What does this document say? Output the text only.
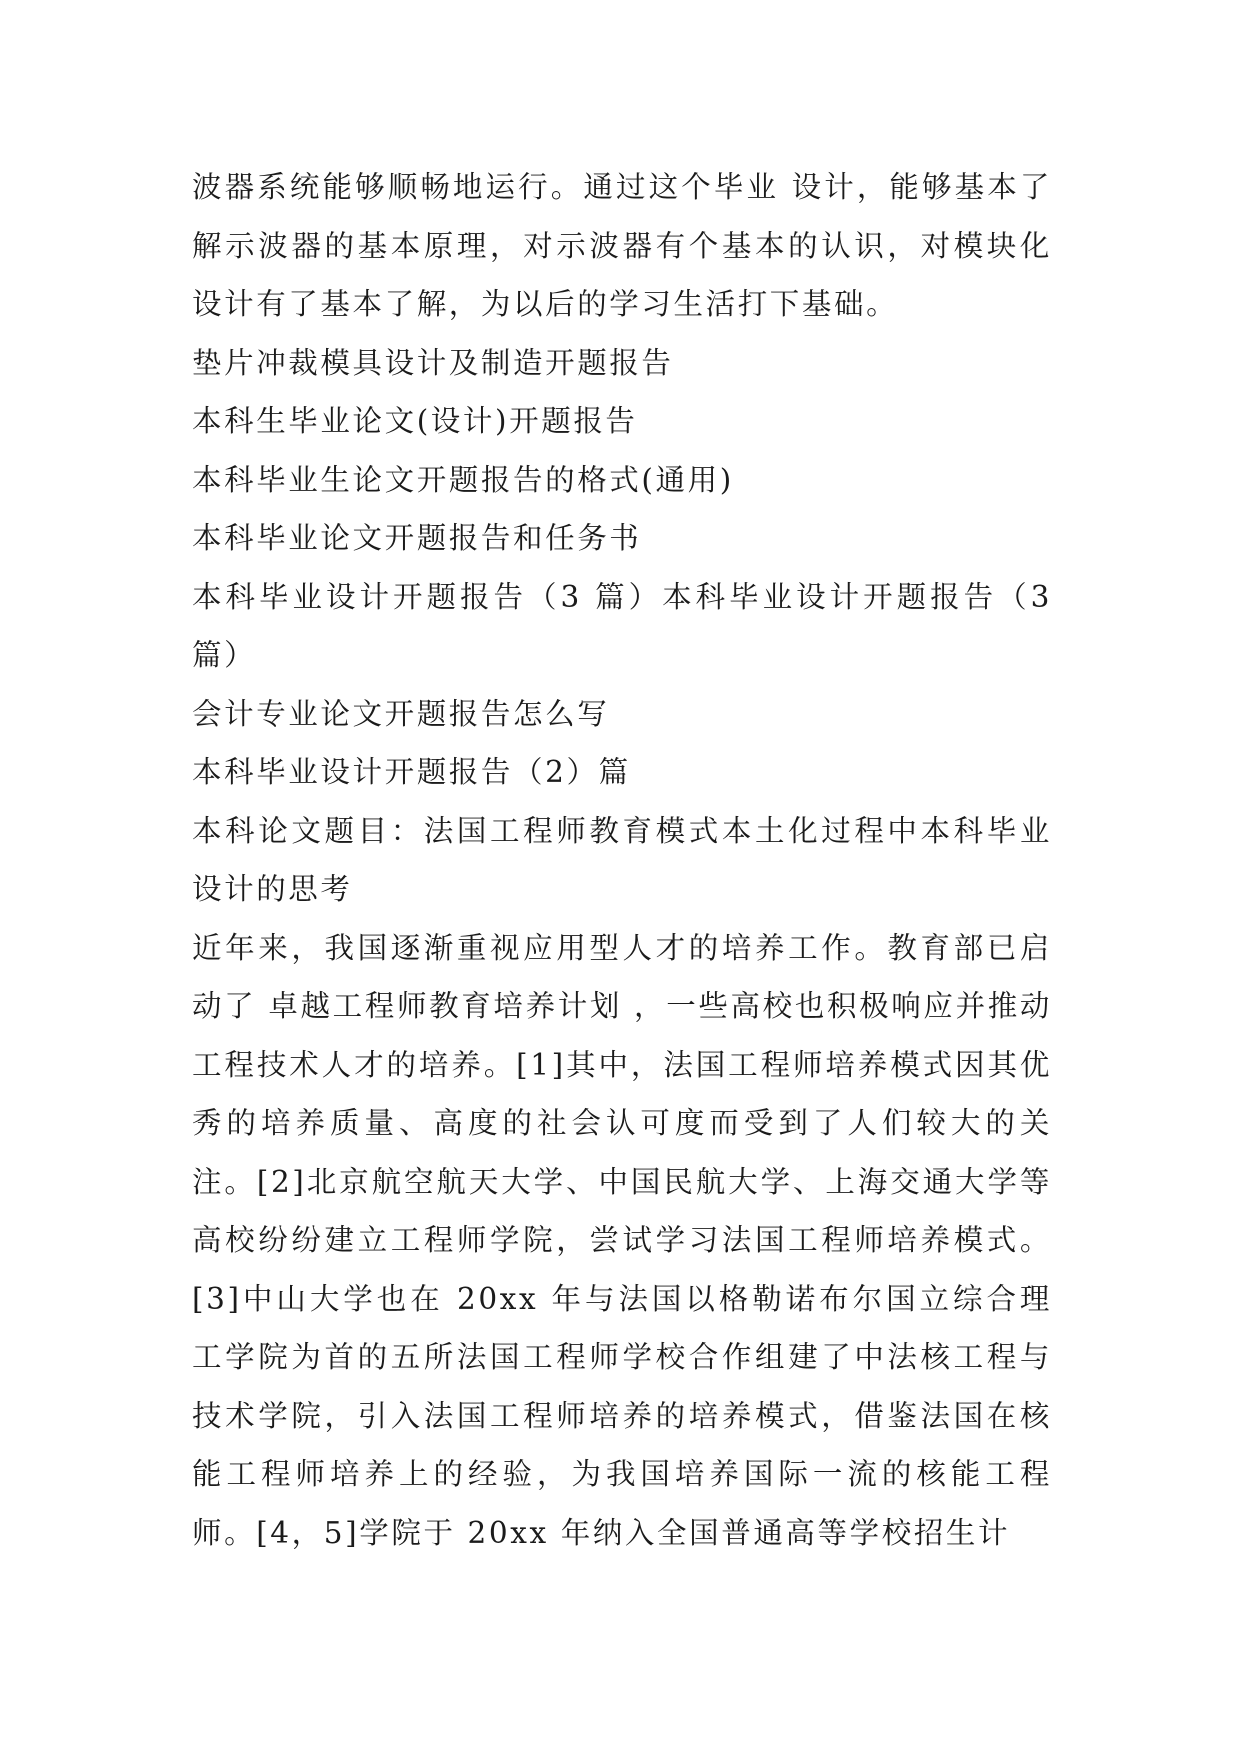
波器系统能够顺畅地运行。通过这个毕业 设计，能够基本了解示波器的基本原理，对示波器有个基本的认识，对模块化设计有了基本了解，为以后的学习生活打下基础。

垫片冲裁模具设计及制造开题报告

本科生毕业论文(设计)开题报告

本科毕业生论文开题报告的格式(通用)

本科毕业论文开题报告和任务书

本科毕业设计开题报告（3 篇）本科毕业设计开题报告（3 篇）

会计专业论文开题报告怎么写

本科毕业设计开题报告（2）篇

本科论文题目：法国工程师教育模式本土化过程中本科毕业设计的思考

近年来，我国逐渐重视应用型人才的培养工作。教育部已启动了 卓越工程师教育培养计划 ，一些高校也积极响应并推动工程技术人才的培养。[1]其中，法国工程师培养模式因其优秀的培养质量、高度的社会认可度而受到了人们较大的关注。[2]北京航空航天大学、中国民航大学、上海交通大学等高校纷纷建立工程师学院，尝试学习法国工程师培养模式。[3]中山大学也在 20xx 年与法国以格勒诺布尔国立综合理工学院为首的五所法国工程师学校合作组建了中法核工程与技术学院，引入法国工程师培养的培养模式，借鉴法国在核能工程师培养上的经验，为我国培养国际一流的核能工程师。[4，5]学院于 20xx 年纳入全国普通高等学校招生计
